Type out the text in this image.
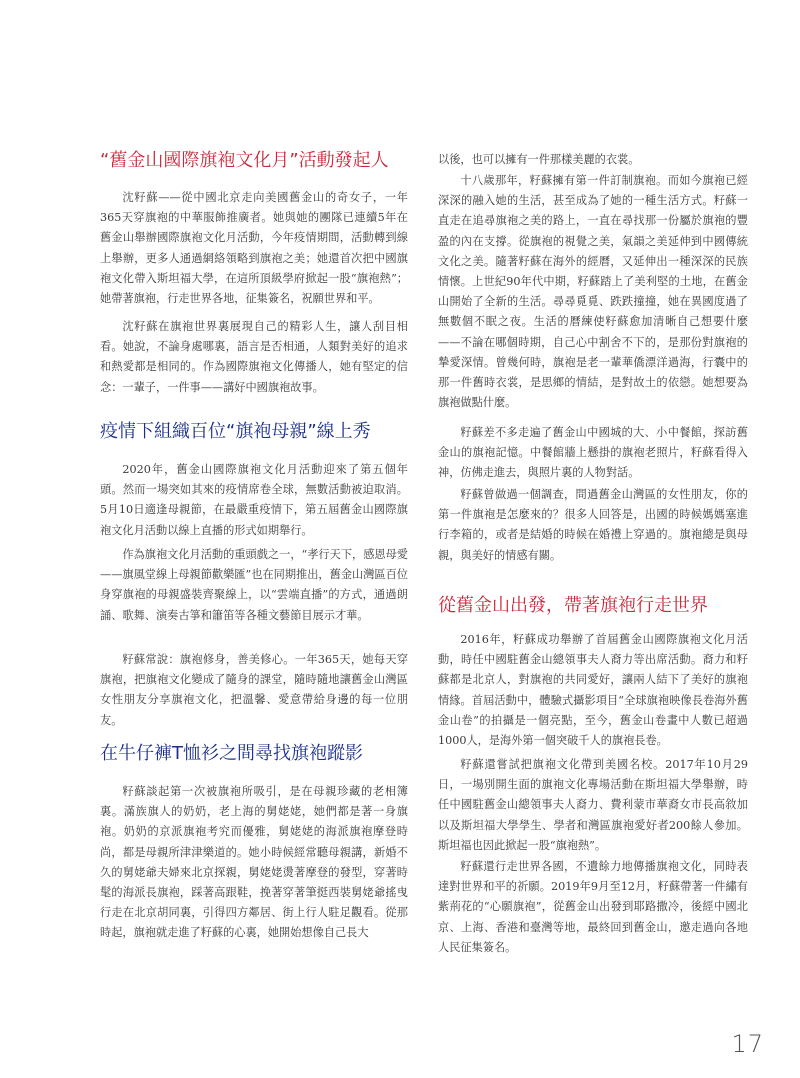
“舊金山國際旗袍文化月”活動發起人

沈籽蘇——從中國北京走向美國舊金山的奇女子，一年365天穿旗袍的中華服飾推廣者。她與她的團隊已連續5年在舊金山舉辦國際旗袍文化月活動，今年疫情期間，活動轉到線上舉辦，更多人通過網絡領略到旗袍之美；她還首次把中國旗袍文化帶入斯坦福大學，在這所頂級學府掀起一股“旗袍熱”；她帶著旗袍，行走世界各地，征集簽名，祝願世界和平。

沈籽蘇在旗袍世界裏展現自己的精彩人生，讓人刮目相看。她說，不論身處哪裏，語言是否相通，人類對美好的追求和熱愛都是相同的。作為國際旗袍文化傳播人，她有堅定的信念：一輩子，一件事——講好中國旗袍故事。

疫情下組織百位“旗袍母親”線上秀

2020年，舊金山國際旗袍文化月活動迎來了第五個年頭。然而一場突如其來的疫情席卷全球，無數活動被迫取消。5月10日適逢母親節，在最嚴重疫情下，第五屆舊金山國際旗袍文化月活動以線上直播的形式如期舉行。

作為旗袍文化月活動的重頭戲之一，“孝行天下，感恩母愛——旗風堂線上母親節歡樂匯”也在同期推出，舊金山灣區百位身穿旗袍的母親盛裝齊聚線上，以“雲端直播”的方式，通過朗誦、歌舞、演奏古箏和簫笛等各種文藝節目展示才華。

籽蘇常說：旗袍修身，善美修心。一年365天，她每天穿旗袍，把旗袍文化變成了隨身的課堂，隨時隨地讓舊金山灣區女性朋友分享旗袍文化，把溫馨、愛意帶給身邊的每一位朋友。

在牛仔褲T恤衫之間尋找旗袍蹤影

籽蘇談起第一次被旗袍所吸引，是在母親珍藏的老相簿裏。滿族旗人的奶奶，老上海的舅姥姥，她們都是著一身旗袍。奶奶的京派旗袍考究而優雅，舅姥姥的海派旗袍摩登時尚，都是母親所津津樂道的。她小時候經常聽母親講，新婚不久的舅姥爺夫婦來北京探親，舅姥姥燙著摩登的發型，穿著時髦的海派長旗袍，踩著高跟鞋，挽著穿著筆挺西裝舅姥爺搖曳行走在北京胡同裏，引得四方鄰居、街上行人駐足觀看。從那時起，旗袍就走進了籽蘇的心裏，她開始想像自己長大

以後，也可以擁有一件那樣美麗的衣裳。

十八歲那年，籽蘇擁有第一件訂制旗袍。而如今旗袍已經深深的融入她的生活，甚至成為了她的一種生活方式。籽蘇一直走在追尋旗袍之美的路上，一直在尋找那一份屬於旗袍的豐盈的內在支撐。從旗袍的視覺之美，氣韻之美延伸到中國傳統文化之美。隨著籽蘇在海外的經曆，又延伸出一種深深的民族情懷。上世紀90年代中期，籽蘇踏上了美利堅的土地，在舊金山開始了全新的生活。尋尋覓覓、跌跌撞撞，她在異國度過了無數個不眠之夜。生活的曆練使籽蘇愈加清晰自己想要什麼——不論在哪個時期，自己心中割舍不下的，是那份對旗袍的摯愛深情。曾幾何時，旗袍是老一輩華僑漂洋過海，行囊中的那一件舊時衣裳，是思鄉的情結，是對故土的依戀。她想要為旗袍做點什麼。

籽蘇差不多走遍了舊金山中國城的大、小中餐館，探訪舊金山的旗袍記憶。中餐館牆上懸掛的旗袍老照片，籽蘇看得入神，仿佛走進去，與照片裏的人物對話。

籽蘇曾做過一個調查，問過舊金山灣區的女性朋友，你的第一件旗袍是怎麼來的？很多人回答是，出國的時候媽媽塞進行李箱的，或者是結婚的時候在婚禮上穿過的。旗袍總是與母親，與美好的情感有關。

從舊金山出發，帶著旗袍行走世界

2016年，籽蘇成功舉辦了首屆舊金山國際旗袍文化月活動，時任中國駐舊金山總領事夫人裔力等出席活動。裔力和籽蘇都是北京人，對旗袍的共同愛好，讓兩人結下了美好的旗袍情緣。首屆活動中，體驗式攝影項目“全球旗袍映像長卷海外舊金山卷”的拍攝是一個亮點，至今，舊金山卷畫中人數已超過1000人，是海外第一個突破千人的旗袍長卷。

籽蘇還嘗試把旗袍文化帶到美國名校。2017年10月29日，一場別開生面的旗袍文化專場活動在斯坦福大學舉辦，時任中國駐舊金山總領事夫人裔力、費利蒙市華裔女市長高敘加以及斯坦福大學學生、學者和灣區旗袍愛好者200餘人參加。斯坦福也因此掀起一股“旗袍熱”。

籽蘇還行走世界各國，不遺餘力地傳播旗袍文化，同時表達對世界和平的祈願。2019年9月至12月，籽蘇帶著一件繡有紫荊花的“心願旗袍”，從舊金山出發到耶路撒冷，後經中國北京、上海、香港和臺灣等地，最終回到舊金山，邀走過向各地人民征集簽名。

17
